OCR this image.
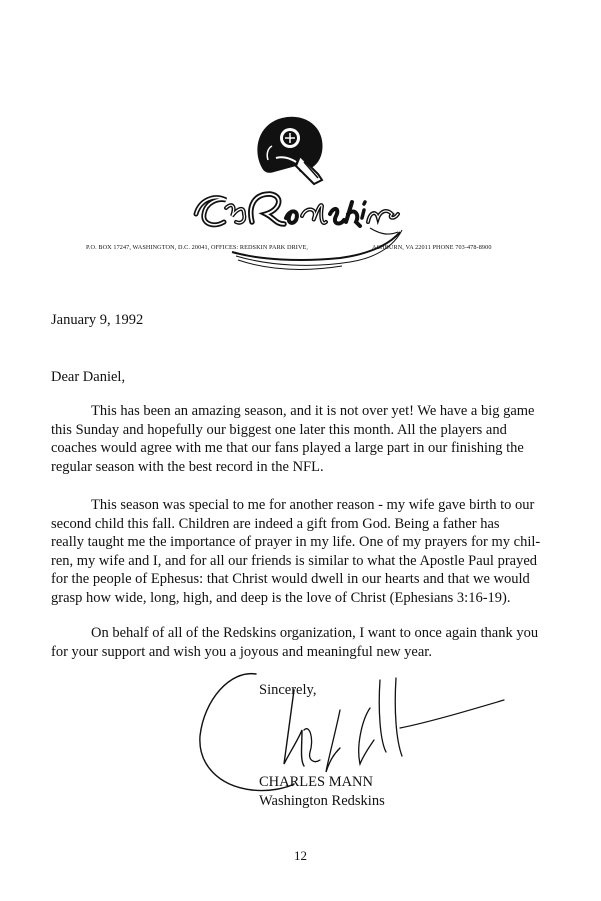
P.O. BOX 17247, WASHINGTON, D.C. 20041, OFFICES: REDSKIN PARK DRIVE,	ASHBURN, VA 22011 PHONE 703-478-8900
January 9, 1992
Dear Daniel,

This has been an amazing season, and it is not over yet! We have a big game
this Sunday and hopefully our biggest one later this month. All the players and
coaches would agree with me that our fans played a large part in our finishing the
regular season with the best record in the NFL.

This season was special to me for another reason - my wife gave birth to our
second child this fall. Children are indeed a gift from God. Being a father has
really taught me the importance of prayer in my life. One of my prayers for my chil-
ren, my wife and I, and for all our friends is similar to what the Apostle Paul prayed
for the people of Ephesus: that Christ would dwell in our hearts and that we would
grasp how wide, long, high, and deep is the love of Christ (Ephesians 3:16-19).

On behalf of all of the Redskins organization, I want to once again thank you
for your support and wish you a joyous and meaningful new year.

Sincerely,
CHARLES MANN
Washington Redskins
12
